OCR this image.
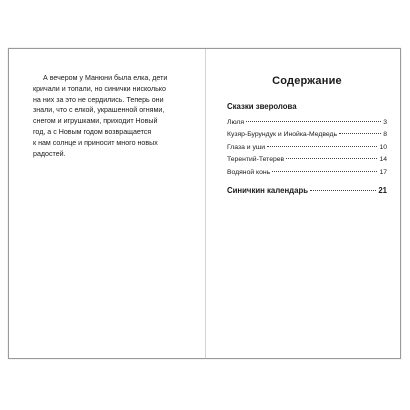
А вечером у Манюни была елка, дети
кричали и топали, но синички нисколько
на них за это не сердились. Теперь они
знали, что с елкой, украшенной огнями,
снегом и игрушками, приходит Новый
год, а с Новым годом возвращается
к нам солнце и приносит много новых
радостей.

Содержание
Сказки зверолова
Люля	3
Кузяр-Бурундук и Инойка-Медведь	8
Глаза и уши	10
Терентий-Тетерев	14
Водяной конь	17
Синичкин календарь	21
